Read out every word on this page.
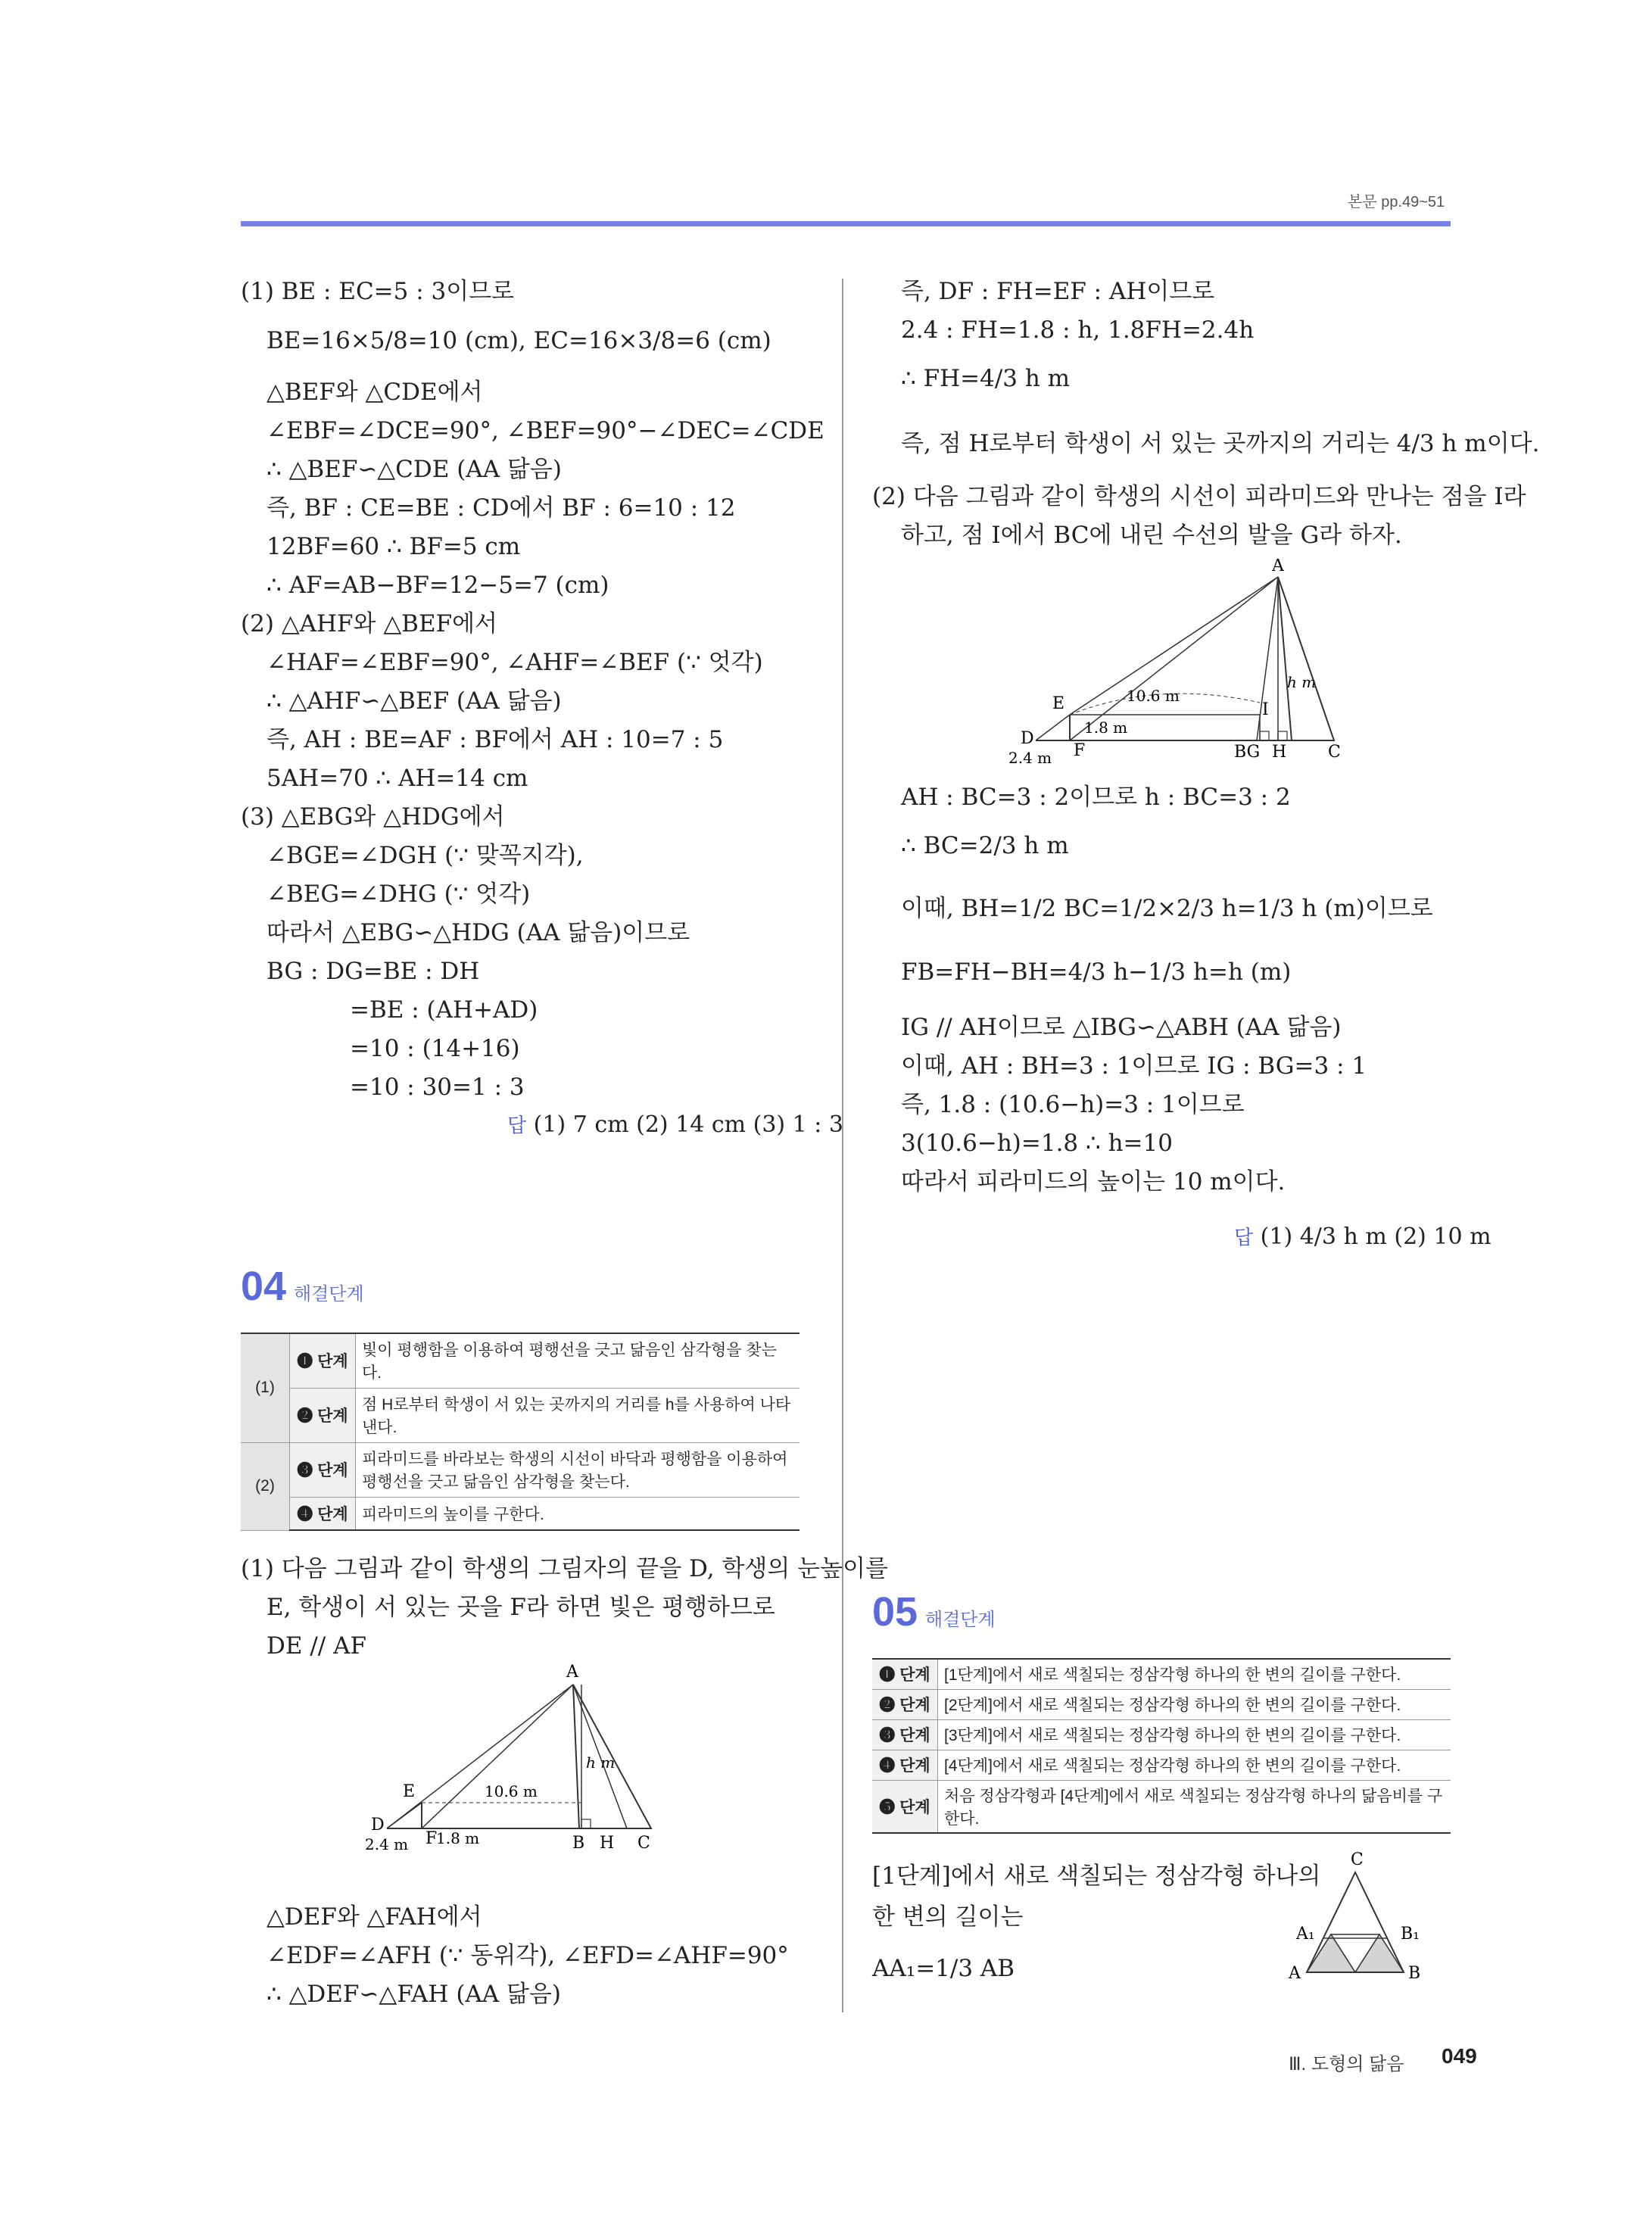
본문 pp.49~51
(1) BE : EC=5 : 3이므로
BE=16×5/8=10 (cm), EC=16×3/8=6 (cm)
△BEF와 △CDE에서
∠EBF=∠DCE=90°, ∠BEF=90°−∠DEC=∠CDE
∴ △BEF∽△CDE (AA 닮음)
즉, BF : CE=BE : CD에서 BF : 6=10 : 12
12BF=60 ∴ BF=5 cm
∴ AF=AB−BF=12−5=7 (cm)
(2) △AHF와 △BEF에서
∠HAF=∠EBF=90°, ∠AHF=∠BEF (∵ 엇각)
∴ △AHF∽△BEF (AA 닮음)
즉, AH : BE=AF : BF에서 AH : 10=7 : 5
5AH=70 ∴ AH=14 cm
(3) △EBG와 △HDG에서
∠BGE=∠DGH (∵ 맞꼭지각),
∠BEG=∠DHG (∵ 엇각)
따라서 △EBG∽△HDG (AA 닮음)이므로
BG : DG=BE : DH
=BE : (AH+AD)
=10 : (14+16)
=10 : 30=1 : 3
답 (1) 7 cm (2) 14 cm (3) 1 : 3
04 해결단계
(1)	❶ 단계	빛이 평행함을 이용하여 평행선을 긋고 닮음인 삼각형을 찾는다.
	❷ 단계	점 H로부터 학생이 서 있는 곳까지의 거리를 h를 사용하여 나타낸다.
(2)	❸ 단계	피라미드를 바라보는 학생의 시선이 바닥과 평행함을 이용하여 평행선을 긋고 닮음인 삼각형을 찾는다.
	❹ 단계	피라미드의 높이를 구한다.
(1) 다음 그림과 같이 학생의 그림자의 끝을 D, 학생의 눈높이를
E, 학생이 서 있는 곳을 F라 하면 빛은 평행하므로
DE // AF
A
E
D
F	B H C
10.6 m
h m
1.8 m
2.4 m
△DEF와 △FAH에서
∠EDF=∠AFH (∵ 동위각), ∠EFD=∠AHF=90°
∴ △DEF∽△FAH (AA 닮음)
즉, DF : FH=EF : AH이므로
2.4 : FH=1.8 : h, 1.8FH=2.4h
∴ FH=4/3 h m
즉, 점 H로부터 학생이 서 있는 곳까지의 거리는 4/3 h m이다.
(2) 다음 그림과 같이 학생의 시선이 피라미드와 만나는 점을 I라
하고, 점 I에서 BC에 내린 수선의 발을 G라 하자.
A
E
D
F
I
BG H C
10.6 m
h m
1.8 m
2.4 m
AH : BC=3 : 2이므로 h : BC=3 : 2
∴ BC=2/3 h m
이때, BH=1/2 BC=1/2×2/3 h=1/3 h (m)이므로
FB=FH−BH=4/3 h−1/3 h=h (m)
IG // AH이므로 △IBG∽△ABH (AA 닮음)
이때, AH : BH=3 : 1이므로 IG : BG=3 : 1
즉, 1.8 : (10.6−h)=3 : 1이므로
3(10.6−h)=1.8 ∴ h=10
따라서 피라미드의 높이는 10 m이다.
답 (1) 4/3 h m (2) 10 m
05 해결단계
❶ 단계	[1단계]에서 새로 색칠되는 정삼각형 하나의 한 변의 길이를 구한다.
❷ 단계	[2단계]에서 새로 색칠되는 정삼각형 하나의 한 변의 길이를 구한다.
❸ 단계	[3단계]에서 새로 색칠되는 정삼각형 하나의 한 변의 길이를 구한다.
❹ 단계	[4단계]에서 새로 색칠되는 정삼각형 하나의 한 변의 길이를 구한다.
❺ 단계	처음 정삼각형과 [4단계]에서 새로 색칠되는 정삼각형 하나의 닮음비를 구한다.
[1단계]에서 새로 색칠되는 정삼각형 하나의
한 변의 길이는
AA₁=1/3 AB
C
A₁	B₁
A	B
Ⅲ. 도형의 닮음 049
